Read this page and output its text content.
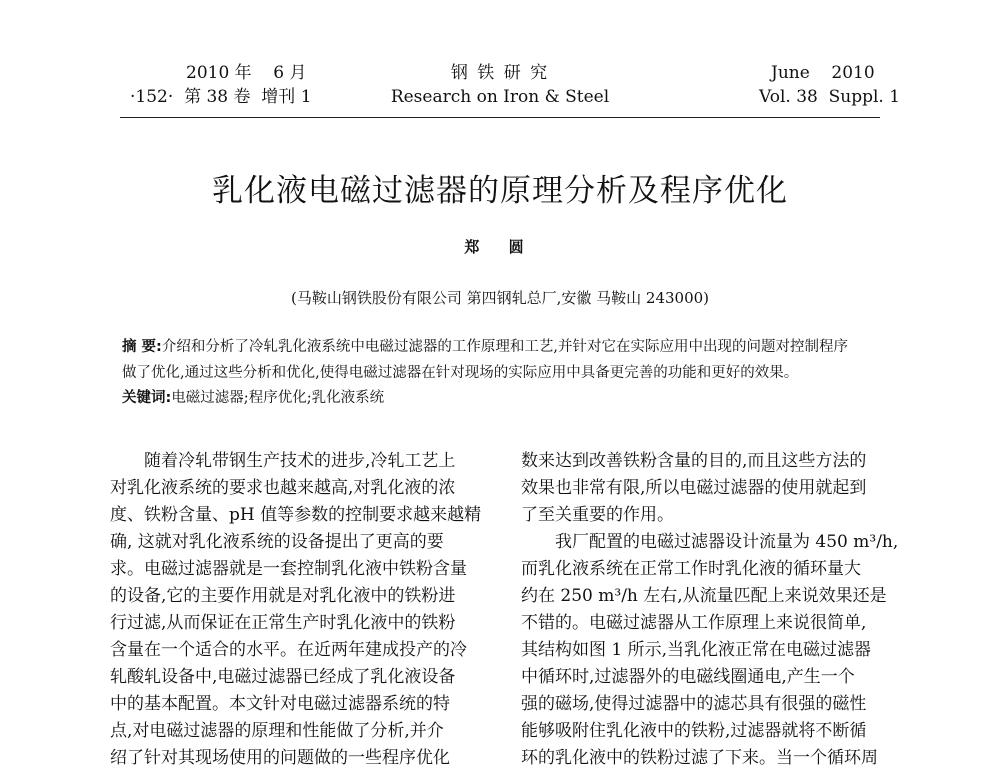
2010 年    6 月
·152·  第 38 卷  增刊 1
钢 铁 研 究
Research on Iron & Steel
June    2010
Vol. 38  Suppl. 1
乳化液电磁过滤器的原理分析及程序优化
郑 圆
(马鞍山钢铁股份有限公司 第四钢轧总厂,安徽 马鞍山 243000)
摘 要:介绍和分析了冷轧乳化液系统中电磁过滤器的工作原理和工艺,并针对它在实际应用中出现的问题对控制程序
做了优化,通过这些分析和优化,使得电磁过滤器在针对现场的实际应用中具备更完善的功能和更好的效果。
关键词:电磁过滤器;程序优化;乳化液系统
随着冷轧带钢生产技术的进步,冷轧工艺上
对乳化液系统的要求也越来越高,对乳化液的浓
度、铁粉含量、pH 值等参数的控制要求越来越精
确, 这就对乳化液系统的设备提出了更高的要
求。电磁过滤器就是一套控制乳化液中铁粉含量
的设备,它的主要作用就是对乳化液中的铁粉进
行过滤,从而保证在正常生产时乳化液中的铁粉
含量在一个适合的水平。在近两年建成投产的冷
轧酸轧设备中,电磁过滤器已经成了乳化液设备
中的基本配置。本文针对电磁过滤器系统的特
点,对电磁过滤器的原理和性能做了分析,并介
绍了针对其现场使用的问题做的一些程序优化
数来达到改善铁粉含量的目的,而且这些方法的
效果也非常有限,所以电磁过滤器的使用就起到
了至关重要的作用。
我厂配置的电磁过滤器设计流量为 450 m³/h,
而乳化液系统在正常工作时乳化液的循环量大
约在 250 m³/h 左右,从流量匹配上来说效果还是
不错的。电磁过滤器从工作原理上来说很简单,
其结构如图 1 所示,当乳化液正常在电磁过滤器
中循环时,过滤器外的电磁线圈通电,产生一个
强的磁场,使得过滤器中的滤芯具有很强的磁性
能够吸附住乳化液中的铁粉,过滤器就将不断循
环的乳化液中的铁粉过滤了下来。当一个循环周
